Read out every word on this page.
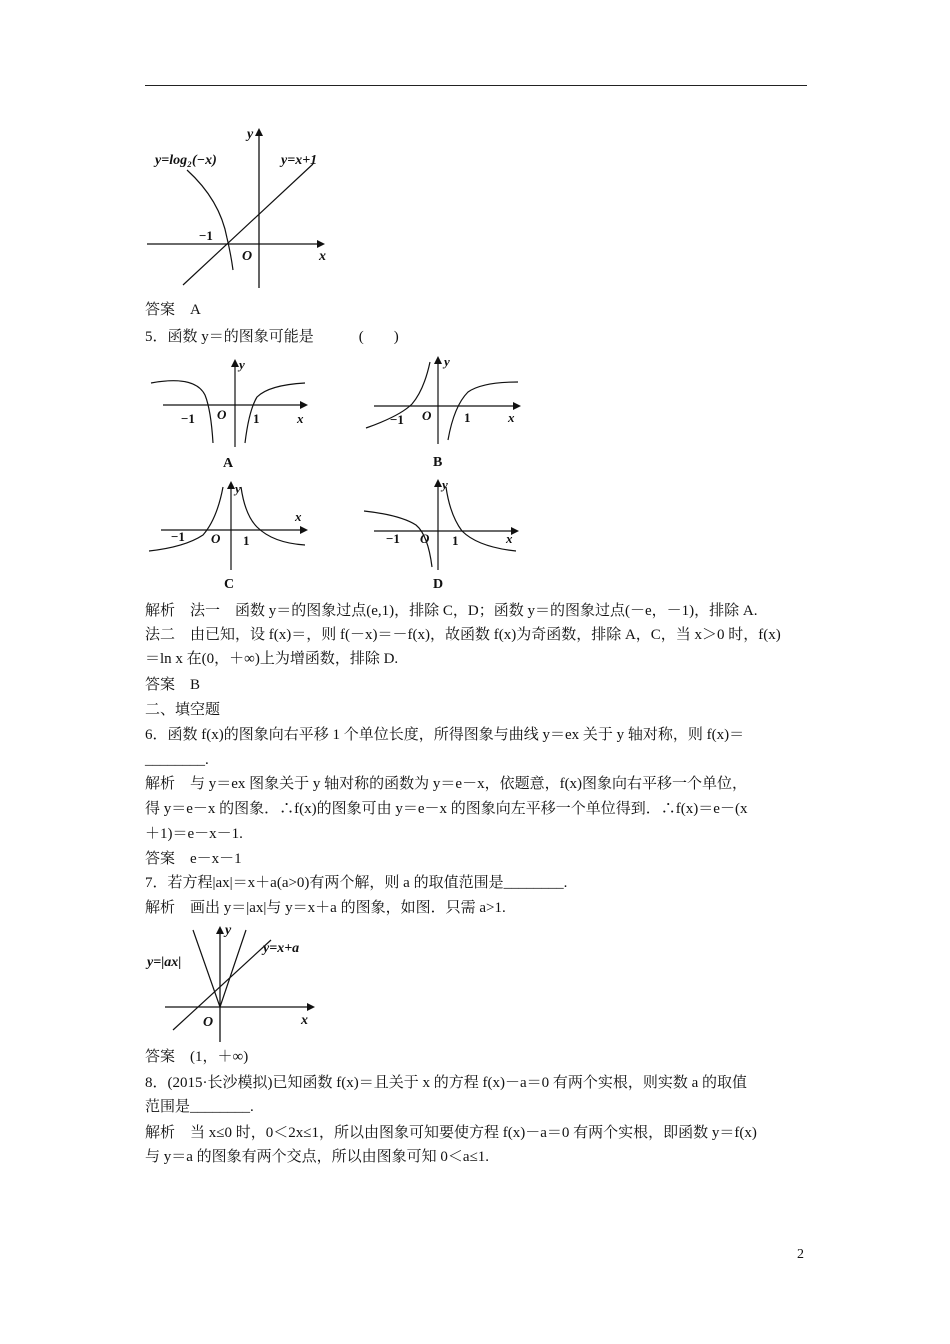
y=log₂(−x)	y=x+1
y
x
O
−1
答案　A
5．函数 y＝的图象可能是　　　(　　)
y
x
O
−1	1
A
y
x
O
−1	1
B
y
x
O
−1	1
C
y
x
O
−1	1
D
解析　法一　函数 y＝的图象过点(e,1)，排除 C，D；函数 y＝的图象过点(－e，－1)，排除 A.
法二　由已知，设 f(x)＝，则 f(－x)＝－f(x)，故函数 f(x)为奇函数，排除 A，C，当 x＞0 时，f(x)
＝ln x 在(0，＋∞)上为增函数，排除 D.
答案　B
二、填空题
6．函数 f(x)的图象向右平移 1 个单位长度，所得图象与曲线 y＝ex 关于 y 轴对称，则 f(x)＝
________.
解析　与 y＝ex 图象关于 y 轴对称的函数为 y＝e－x，依题意，f(x)图象向右平移一个单位，
得 y＝e－x 的图象．∴f(x)的图象可由 y＝e－x 的图象向左平移一个单位得到．∴f(x)＝e－(x
＋1)＝e－x－1.
答案　e－x－1
7．若方程|ax|＝x＋a(a>0)有两个解，则 a 的取值范围是________.
解析　画出 y＝|ax|与 y＝x＋a 的图象，如图．只需 a>1.
y=|ax|
y=x+a
y
x
O
答案　(1，＋∞)
8．(2015·长沙模拟)已知函数 f(x)＝且关于 x 的方程 f(x)－a＝0 有两个实根，则实数 a 的取值
范围是________.
解析　当 x≤0 时，0＜2x≤1，所以由图象可知要使方程 f(x)－a＝0 有两个实根，即函数 y＝f(x)
与 y＝a 的图象有两个交点，所以由图象可知 0＜a≤1.
2
